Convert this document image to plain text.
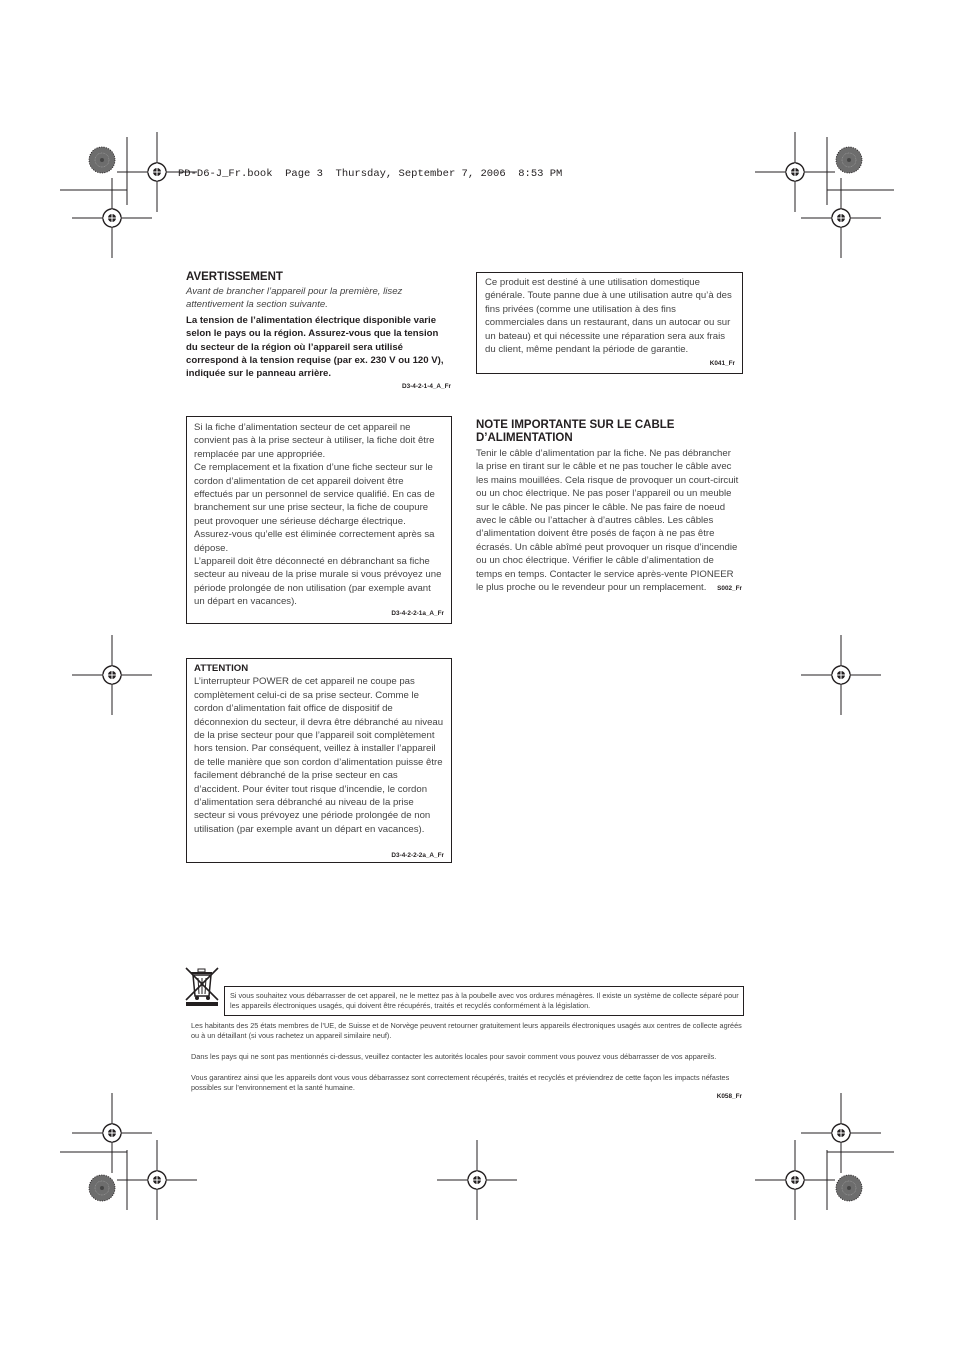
PD-D6-J_Fr.book  Page 3  Thursday, September 7, 2006  8:53 PM
AVERTISSEMENT
Avant de brancher l’appareil pour la première, lisez attentivement la section suivante.
La tension de l’alimentation électrique disponible varie selon le pays ou la région. Assurez-vous que la tension du secteur de la région où l’appareil sera utilisé correspond à la tension requise (par ex. 230 V ou 120 V), indiquée sur le panneau arrière.
D3-4-2-1-4_A_Fr
Ce produit est destiné à une utilisation domestique générale. Toute panne due à une utilisation autre qu’à des fins privées (comme une utilisation à des fins commerciales dans un restaurant, dans un autocar ou sur un bateau) et qui nécessite une réparation sera aux frais du client, même pendant la période de garantie.
K041_Fr
Si la fiche d’alimentation secteur de cet appareil ne convient pas à la prise secteur à utiliser, la fiche doit être remplacée par une appropriée.
Ce remplacement et la fixation d’une fiche secteur sur le cordon d’alimentation de cet appareil doivent être effectués par un personnel de service qualifié. En cas de branchement sur une prise secteur, la fiche de coupure peut provoquer une sérieuse décharge électrique. Assurez-vous qu’elle est éliminée correctement après sa dépose.
L’appareil doit être déconnecté en débranchant sa fiche secteur au niveau de la prise murale si vous prévoyez une période prolongée de non utilisation (par exemple avant un départ en vacances).
D3-4-2-2-1a_A_Fr
NOTE IMPORTANTE SUR LE CABLE D’ALIMENTATION
Tenir le câble d’alimentation par la fiche. Ne pas débrancher la prise en tirant sur le câble et ne pas toucher le câble avec les mains mouillées. Cela risque de provoquer un court-circuit ou un choc électrique. Ne pas poser l’appareil ou un meuble sur le câble. Ne pas pincer le câble. Ne pas faire de noeud avec le câble ou l’attacher à d’autres câbles. Les câbles d’alimentation doivent être posés de façon à ne pas être écrasés. Un câble abîmé peut provoquer un risque d’incendie ou un choc électrique. Vérifier le câble d’alimentation de temps en temps. Contacter le service après-vente PIONEER le plus proche ou le revendeur pour un remplacement.	S002_Fr
ATTENTION
L’interrupteur POWER de cet appareil ne coupe pas complètement celui-ci de sa prise secteur. Comme le cordon d’alimentation fait office de dispositif de déconnexion du secteur, il devra être débranché au niveau de la prise secteur pour que l’appareil soit complètement hors tension. Par conséquent, veillez à installer l’appareil de telle manière que son cordon d’alimentation puisse être facilement débranché de la prise secteur en cas d’accident. Pour éviter tout risque d’incendie, le cordon d’alimentation sera débranché au niveau de la prise secteur si vous prévoyez une période prolongée de non utilisation (par exemple avant un départ en vacances).
D3-4-2-2-2a_A_Fr
Si vous souhaitez vous débarrasser de cet appareil, ne le mettez pas à la poubelle avec vos ordures ménagères. Il existe un système de collecte séparé pour les appareils électroniques usagés, qui doivent être récupérés, traités et recyclés conformément à la législation.
Les habitants des 25 états membres de l’UE, de Suisse et de Norvège peuvent retourner gratuitement leurs appareils électroniques usagés aux centres de collecte agréés ou à un détaillant (si vous rachetez un appareil similaire neuf).
Dans les pays qui ne sont pas mentionnés ci-dessus, veuillez contacter les autorités locales pour savoir comment vous pouvez vous débarrasser de vos appareils.
Vous garantirez ainsi que les appareils dont vous vous débarrassez sont correctement récupérés, traités et recyclés et préviendrez de cette façon les impacts néfastes possibles sur l’environnement et la santé humaine.
K058_Fr
